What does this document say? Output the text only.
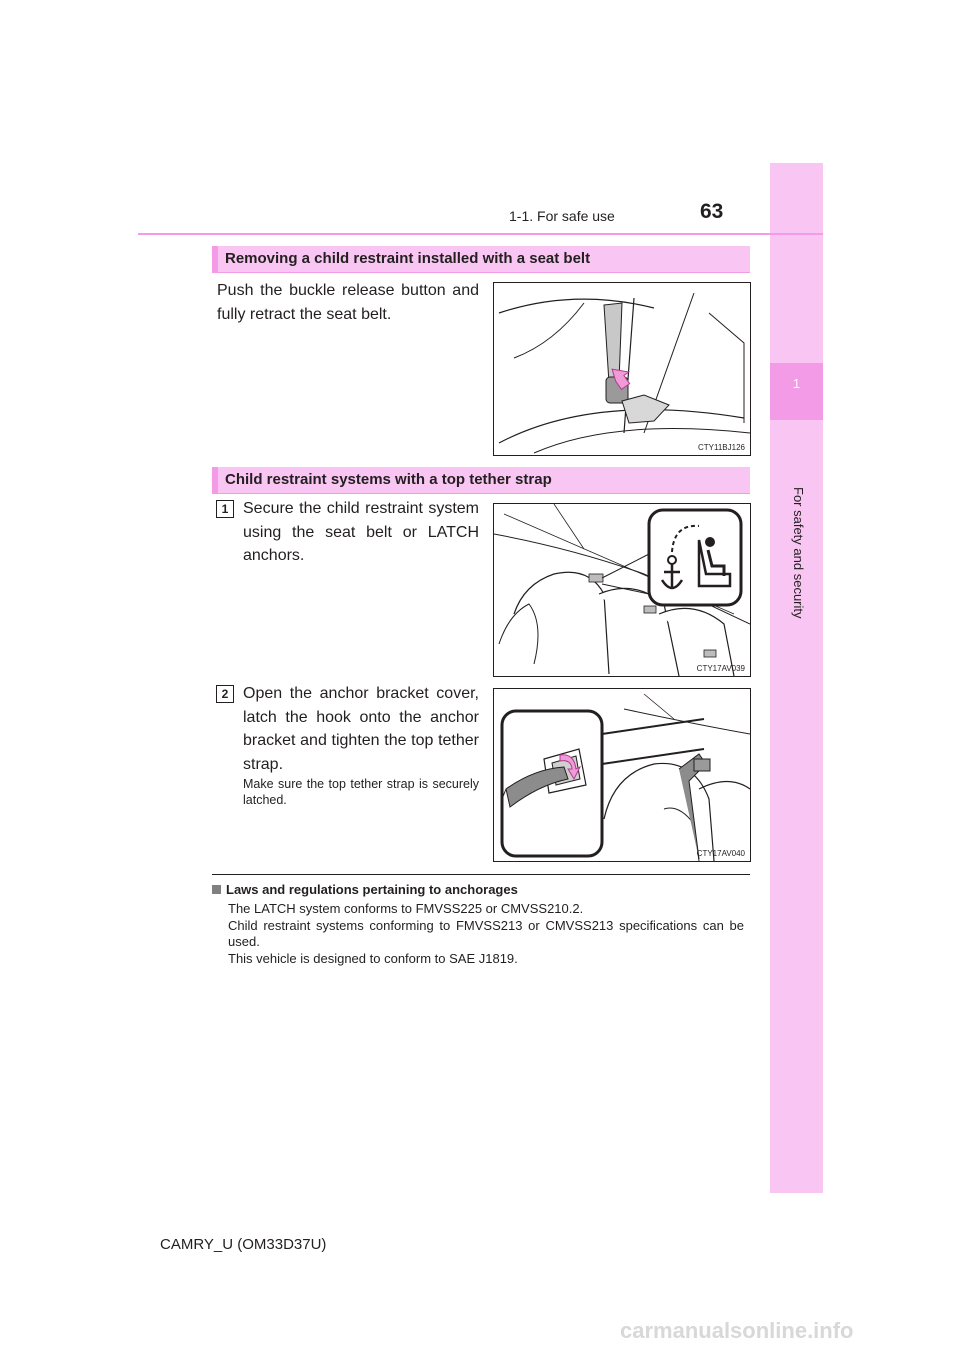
1
For safety and security
1-1. For safe use	63
Removing a child restraint installed with a seat belt
Push the buckle release button and fully retract the seat belt.
CTY11BJ126
Child restraint systems with a top tether strap
1 Secure the child restraint system using the seat belt or LATCH anchors.
CTY17AV039
2 Open the anchor bracket cover, latch the hook onto the anchor bracket and tighten the top tether strap.
Make sure the top tether strap is securely latched.
CTY17AV040
Laws and regulations pertaining to anchorages
The LATCH system conforms to FMVSS225 or CMVSS210.2.
Child restraint systems conforming to FMVSS213 or CMVSS213 specifications can be used.
This vehicle is designed to conform to SAE J1819.
CAMRY_U (OM33D37U)
carmanualsonline.info
